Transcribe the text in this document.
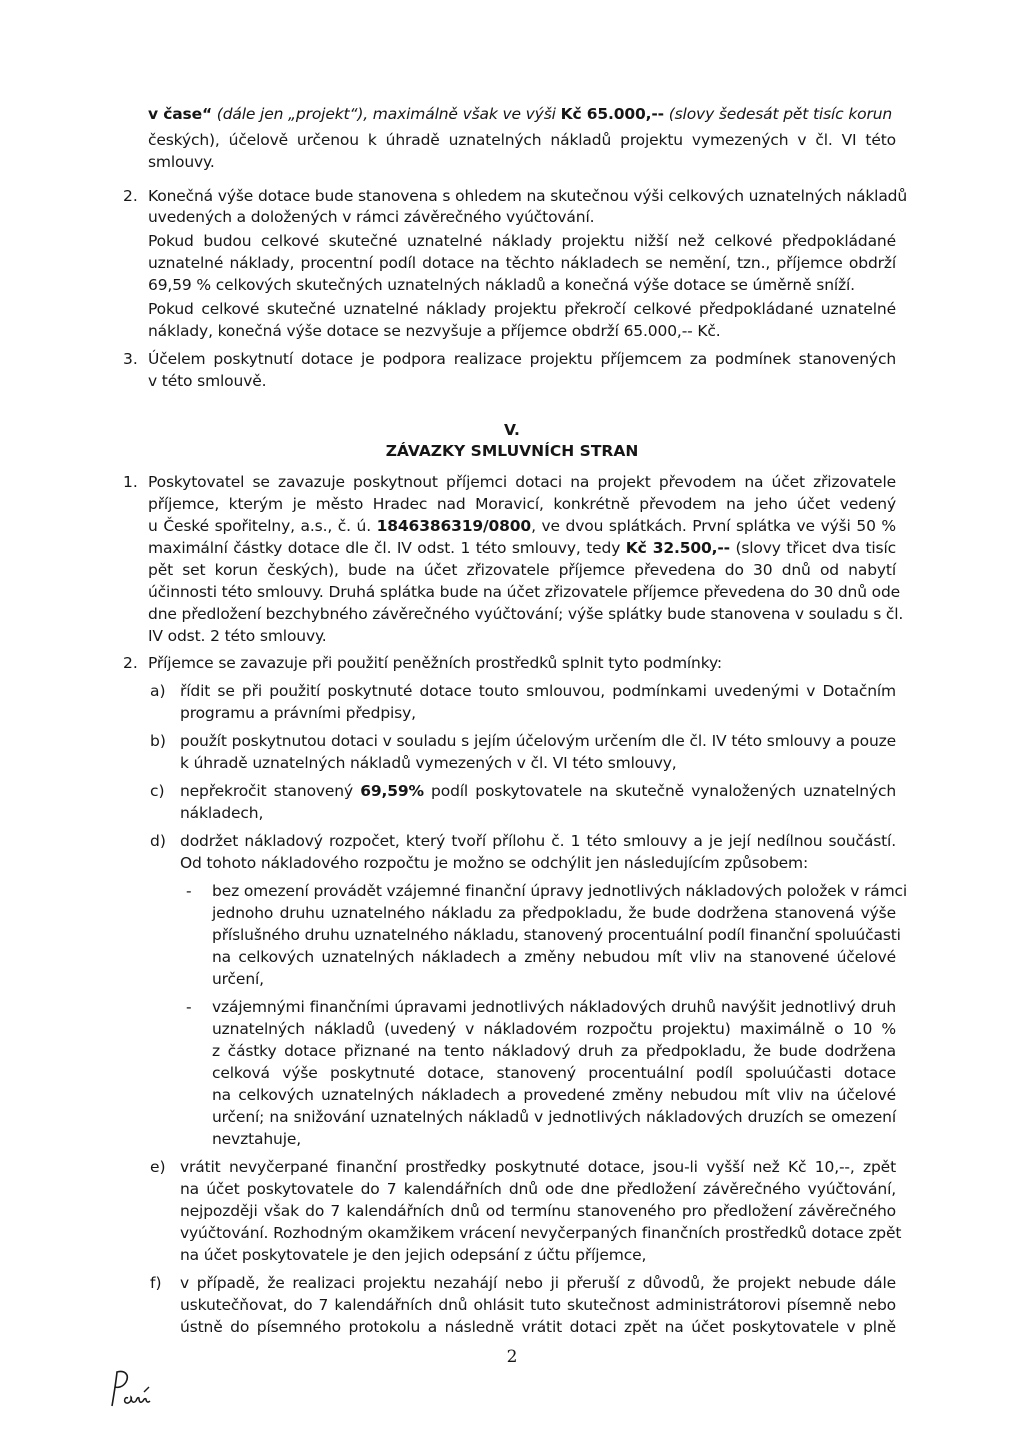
V.
ZÁVAZKY SMLUVNÍCH STRAN
2.
3.
1.
2.
a)
b)
c)
d)
-
-
e)
f)
v čase“ (dále jen „projekt“), maximálně však ve výši Kč 65.000,-- (slovy šedesát pět tisíc korun
českých), účelově určenou k úhradě uznatelných nákladů projektu vymezených v čl. VI této
smlouvy.
Konečná výše dotace bude stanovena s ohledem na skutečnou výši celkových uznatelných nákladů
uvedených a doložených v rámci závěrečného vyúčtování.
Pokud budou celkové skutečné uznatelné náklady projektu nižší než celkové předpokládané
uznatelné náklady, procentní podíl dotace na těchto nákladech se nemění, tzn., příjemce obdrží
69,59 % celkových skutečných uznatelných nákladů a konečná výše dotace se úměrně sníží.
Pokud celkové skutečné uznatelné náklady projektu překročí celkové předpokládané uznatelné
náklady, konečná výše dotace se nezvyšuje a příjemce obdrží 65.000,-- Kč.
Účelem poskytnutí dotace je podpora realizace projektu příjemcem za podmínek stanovených
v této smlouvě.
Poskytovatel se zavazuje poskytnout příjemci dotaci na projekt převodem na účet zřizovatele
příjemce, kterým je město Hradec nad Moravicí, konkrétně převodem na jeho účet vedený
u České spořitelny, a.s., č. ú. 1846386319/0800, ve dvou splátkách. První splátka ve výši 50 %
maximální částky dotace dle čl. IV odst. 1 této smlouvy, tedy Kč 32.500,-- (slovy třicet dva tisíc
pět set korun českých), bude na účet zřizovatele příjemce převedena do 30 dnů od nabytí
účinnosti této smlouvy. Druhá splátka bude na účet zřizovatele příjemce převedena do 30 dnů ode
dne předložení bezchybného závěrečného vyúčtování; výše splátky bude stanovena v souladu s čl.
IV odst. 2 této smlouvy.
Příjemce se zavazuje při použití peněžních prostředků splnit tyto podmínky:
řídit se při použití poskytnuté dotace touto smlouvou, podmínkami uvedenými v Dotačním
programu a právními předpisy,
použít poskytnutou dotaci v souladu s jejím účelovým určením dle čl. IV této smlouvy a pouze
k úhradě uznatelných nákladů vymezených v čl. VI této smlouvy,
nepřekročit stanovený 69,59% podíl poskytovatele na skutečně vynaložených uznatelných
nákladech,
dodržet nákladový rozpočet, který tvoří přílohu č. 1 této smlouvy a je její nedílnou součástí.
Od tohoto nákladového rozpočtu je možno se odchýlit jen následujícím způsobem:
bez omezení provádět vzájemné finanční úpravy jednotlivých nákladových položek v rámci
jednoho druhu uznatelného nákladu za předpokladu, že bude dodržena stanovená výše
příslušného druhu uznatelného nákladu, stanovený procentuální podíl finanční spoluúčasti
na celkových uznatelných nákladech a změny nebudou mít vliv na stanovené účelové
určení,
vzájemnými finančními úpravami jednotlivých nákladových druhů navýšit jednotlivý druh
uznatelných nákladů (uvedený v nákladovém rozpočtu projektu) maximálně o 10 %
z částky dotace přiznané na tento nákladový druh za předpokladu, že bude dodržena
celková výše poskytnuté dotace, stanovený procentuální podíl spoluúčasti dotace
na celkových uznatelných nákladech a provedené změny nebudou mít vliv na účelové
určení; na snižování uznatelných nákladů v jednotlivých nákladových druzích se omezení
nevztahuje,
vrátit nevyčerpané finanční prostředky poskytnuté dotace, jsou-li vyšší než Kč 10,--, zpět
na účet poskytovatele do 7 kalendářních dnů ode dne předložení závěrečného vyúčtování,
nejpozději však do 7 kalendářních dnů od termínu stanoveného pro předložení závěrečného
vyúčtování. Rozhodným okamžikem vrácení nevyčerpaných finančních prostředků dotace zpět
na účet poskytovatele je den jejich odepsání z účtu příjemce,
v případě, že realizaci projektu nezahájí nebo ji přeruší z důvodů, že projekt nebude dále
uskutečňovat, do 7 kalendářních dnů ohlásit tuto skutečnost administrátorovi písemně nebo
ústně do písemného protokolu a následně vrátit dotaci zpět na účet poskytovatele v plně
2
